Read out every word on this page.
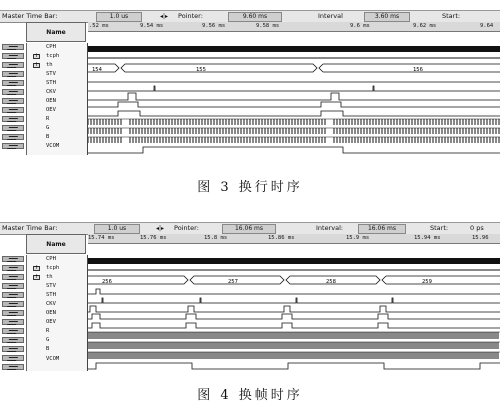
Master Time Bar:	1.0 us	◂|▸ Pointer:	9.60 ms	Interval	3.60 ms	Start:
Name
.52 ms	9.54 ms	9.56 ms	9.58 ms	9.6 ms	9.62 ms	9.64
+
+
CPH
tcph
th
STV
STH
CKV
OEN
OEV
R
G
B
VCOM
154	155	156
图 3 换行时序
Master Time Bar:	1.0 us	◂|▸ Pointer:	16.06 ms	Interval:	16.06 ms	Start:	0 ps
Name
15.74 ms	15.76 ms	15.8 ms	15.86 ms	15.9 ms	15.94 ms	15.96
+
+
CPH
tcph
th
STV
STH
CKV
OEN
OEV
R
G
B
VCOM
256	257	258	259
图 4 换帧时序
